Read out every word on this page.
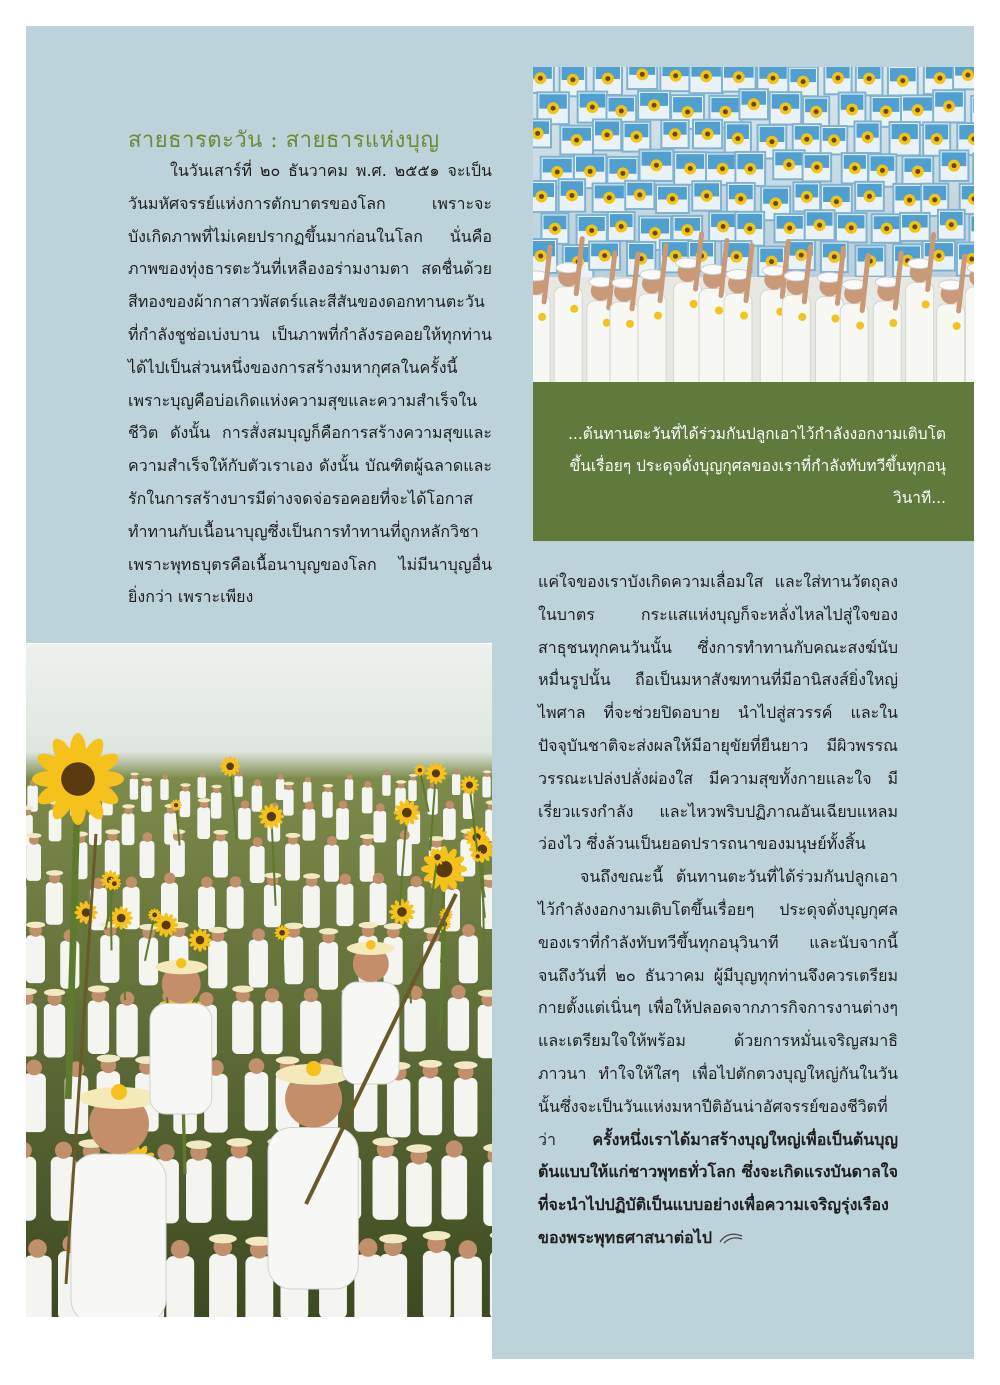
...ต้นทานตะวันที่ได้ร่วมกันปลูกเอาไว้กำลังงอกงามเติบโตขึ้นเรื่อยๆ ประดุจดั่งบุญกุศลของเราที่กำลังทับทวีขึ้นทุกอนุวินาที...
สายธารตะวัน : สายธารแห่งบุญ

ในวันเสาร์ที่ ๒๐ ธันวาคม พ.ศ. ๒๕๕๑ จะเป็นวันมหัศจรรย์แห่งการตักบาตรของโลก เพราะจะบังเกิดภาพที่ไม่เคยปรากฏขึ้นมาก่อนในโลก นั่นคือ ภาพของทุ่งธารตะวันที่เหลืองอร่ามงามตา สดชื่นด้วยสีทองของผ้ากาสาวพัสตร์และสีสันของดอกทานตะวันที่กำลังชูช่อเบ่งบาน เป็นภาพที่กำลังรอคอยให้ทุกท่านได้ไปเป็นส่วนหนึ่งของการสร้างมหากุศลในครั้งนี้ เพราะบุญคือบ่อเกิดแห่งความสุขและความสำเร็จในชีวิต ดังนั้น การสั่งสมบุญก็คือการสร้างความสุขและความสำเร็จให้กับตัวเราเอง ดังนั้น บัณฑิตผู้ฉลาดและรักในการสร้างบารมีต่างจดจ่อรอคอยที่จะได้โอกาสทำทานกับเนื้อนาบุญซึ่งเป็นการทำทานที่ถูกหลักวิชา เพราะพุทธบุตรคือเนื้อนาบุญของโลก ไม่มีนาบุญอื่นยิ่งกว่า เพราะเพียง

แค่ใจของเราบังเกิดความเลื่อมใส และใส่ทานวัตถุลงในบาตร กระแสแห่งบุญก็จะหลั่งไหลไปสู่ใจของสาธุชนทุกคนวันนั้น ซึ่งการทำทานกับคณะสงฆ์นับหมื่นรูปนั้น ถือเป็นมหาสังฆทานที่มีอานิสงส์ยิ่งใหญ่ไพศาล ที่จะช่วยปิดอบาย นำไปสู่สวรรค์ และในปัจจุบันชาติจะส่งผลให้มีอายุขัยที่ยืนยาว มีผิวพรรณวรรณะเปล่งปลั่งผ่องใส มีความสุขทั้งกายและใจ มีเรี่ยวแรงกำลัง และไหวพริบปฏิภาณอันเฉียบแหลมว่องไว ซึ่งล้วนเป็นยอดปรารถนาของมนุษย์ทั้งสิ้น

จนถึงขณะนี้ ต้นทานตะวันที่ได้ร่วมกันปลูกเอาไว้กำลังงอกงามเติบโตขึ้นเรื่อยๆ ประดุจดั่งบุญกุศลของเราที่กำลังทับทวีขึ้นทุกอนุวินาที และนับจากนี้จนถึงวันที่ ๒๐ ธันวาคม ผู้มีบุญทุกท่านจึงควรเตรียมกายตั้งแต่เนิ่นๆ เพื่อให้ปลอดจากภารกิจการงานต่างๆ และเตรียมใจให้พร้อม ด้วยการหมั่นเจริญสมาธิภาวนา ทำใจให้ใสๆ เพื่อไปตักตวงบุญใหญ่กันในวันนั้นซึ่งจะเป็นวันแห่งมหาปีติอันน่าอัศจรรย์ของชีวิตที่ว่า ครั้งหนึ่งเราได้มาสร้างบุญใหญ่เพื่อเป็นต้นบุญต้นแบบให้แก่ชาวพุทธทั่วโลก ซึ่งจะเกิดแรงบันดาลใจที่จะนำไปปฏิบัติเป็นแบบอย่างเพื่อความเจริญรุ่งเรืองของพระพุทธศาสนาต่อไป
